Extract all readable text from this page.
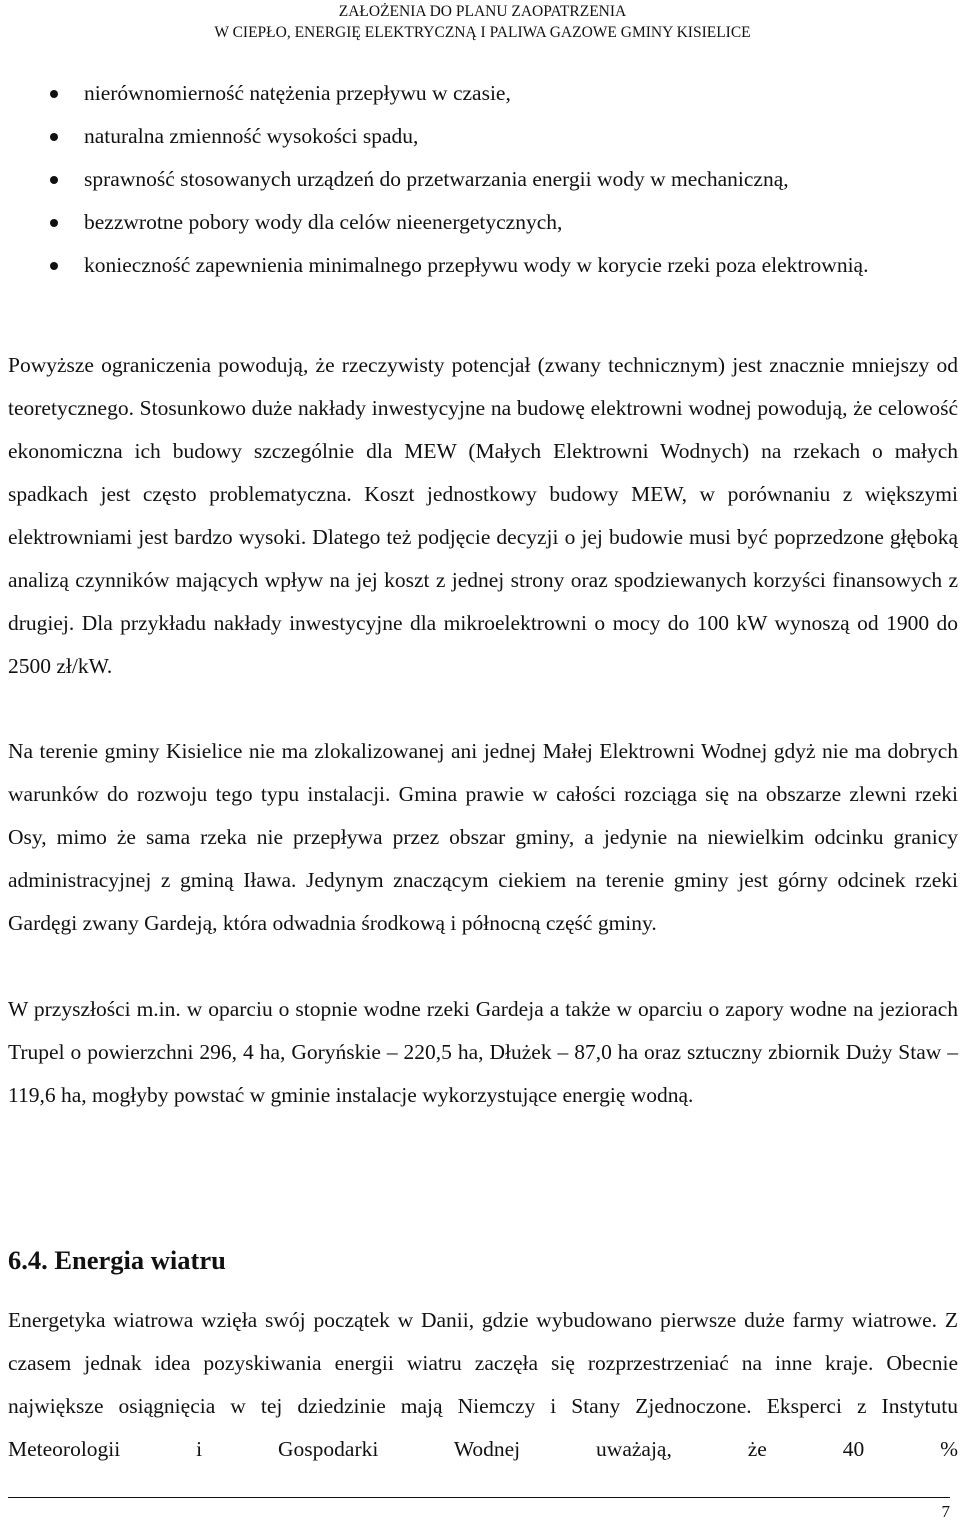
ZAŁOŻENIA DO PLANU ZAOPATRZENIA
W CIEPŁO, ENERGIĘ ELEKTRYCZNĄ I PALIWA GAZOWE GMINY KISIELICE
nierównomierność natężenia przepływu w czasie,
naturalna zmienność wysokości spadu,
sprawność stosowanych urządzeń do przetwarzania energii wody w mechaniczną,
bezzwrotne pobory wody dla celów nieenergetycznych,
konieczność zapewnienia minimalnego przepływu wody w korycie rzeki poza elektrownią.

Powyższe ograniczenia powodują, że rzeczywisty potencjał (zwany technicznym) jest znacznie mniejszy od teoretycznego. Stosunkowo duże nakłady inwestycyjne na budowę elektrowni wodnej powodują, że celowość ekonomiczna ich budowy szczególnie dla MEW (Małych Elektrowni Wodnych) na rzekach o małych spadkach jest często problematyczna. Koszt jednostkowy budowy MEW, w porównaniu z większymi elektrowniami jest bardzo wysoki. Dlatego też podjęcie decyzji o jej budowie musi być poprzedzone głęboką analizą czynników mających wpływ na jej koszt z jednej strony oraz spodziewanych korzyści finansowych z drugiej. Dla przykładu nakłady inwestycyjne dla mikroelektrowni o mocy do 100 kW wynoszą od 1900 do 2500 zł/kW.

Na terenie gminy Kisielice nie ma zlokalizowanej ani jednej Małej Elektrowni Wodnej gdyż nie ma dobrych warunków do rozwoju tego typu instalacji. Gmina prawie w całości rozciąga się na obszarze zlewni rzeki Osy, mimo że sama rzeka nie przepływa przez obszar gminy, a jedynie na niewielkim odcinku granicy administracyjnej z gminą Iława. Jedynym znaczącym ciekiem na terenie gminy jest górny odcinek rzeki Gardęgi zwany Gardeją, która odwadnia środkową i północną część gminy.

W przyszłości m.in. w oparciu o stopnie wodne rzeki Gardeja a także w oparciu o zapory wodne na jeziorach Trupel o powierzchni 296, 4 ha, Goryńskie – 220,5 ha, Dłużek – 87,0 ha oraz sztuczny zbiornik Duży Staw – 119,6 ha, mogłyby powstać w gminie instalacje wykorzystujące energię wodną.

6.4. Energia wiatru

Energetyka wiatrowa wzięła swój początek w Danii, gdzie wybudowano pierwsze duże farmy wiatrowe. Z czasem jednak idea pozyskiwania energii wiatru zaczęła się rozprzestrzeniać na inne kraje. Obecnie największe osiągnięcia w tej dziedzinie mają Niemczy i Stany Zjednoczone. Eksperci z Instytutu Meteorologii i Gospodarki Wodnej uważają, że 40 %

7
